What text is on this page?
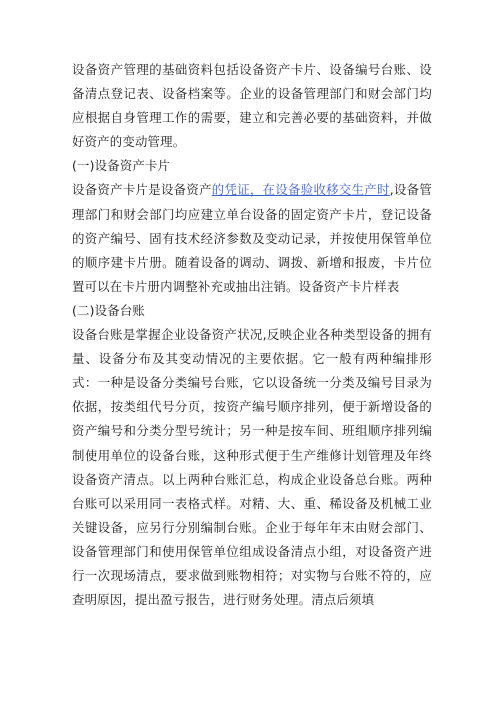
设备资产管理的基础资料包括设备资产卡片、设备编号台账、设备清点登记表、设备档案等。企业的设备管理部门和财会部门均应根据自身管理工作的需要，建立和完善必要的基础资料，并做好资产的变动管理。

(一)设备资产卡片

设备资产卡片是设备资产的凭证，在设备验收移交生产时,设备管理部门和财会部门均应建立单台设备的固定资产卡片，登记设备的资产编号、固有技术经济参数及变动记录，并按使用保管单位的顺序建卡片册。随着设备的调动、调拨、新增和报废，卡片位置可以在卡片册内调整补充或抽出注销。设备资产卡片样表

(二)设备台账

设备台账是掌握企业设备资产状况,反映企业各种类型设备的拥有量、设备分布及其变动情况的主要依据。它一般有两种编排形式：一种是设备分类编号台账，它以设备统一分类及编号目录为依据，按类组代号分页，按资产编号顺序排列，便于新增设备的资产编号和分类分型号统计；另一种是按车间、班组顺序排列编制使用单位的设备台账，这种形式便于生产维修计划管理及年终设备资产清点。以上两种台账汇总，构成企业设备总台账。两种台账可以采用同一表格式样。对精、大、重、稀设备及机械工业关键设备，应另行分别编制台账。企业于每年年末由财会部门、设备管理部门和使用保管单位组成设备清点小组，对设备资产进行一次现场清点，要求做到账物相符；对实物与台账不符的，应查明原因，提出盈亏报告，进行财务处理。清点后须填
